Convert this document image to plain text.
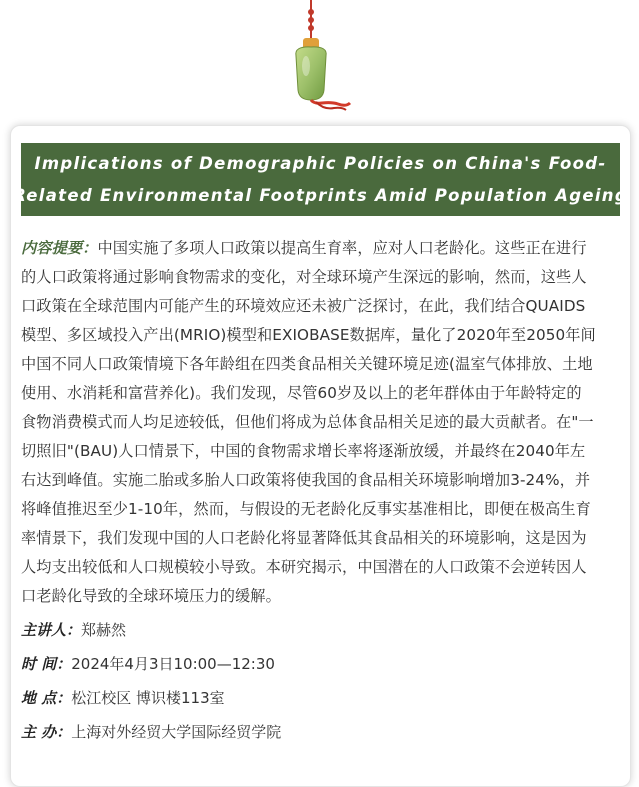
Implications of Demographic Policies on China's Food-
Related Environmental Footprints Amid Population Ageing
内容提要：中国实施了多项人口政策以提高生育率，应对人口老龄化。这些正在进行
的人口政策将通过影响食物需求的变化，对全球环境产生深远的影响，然而，这些人
口政策在全球范围内可能产生的环境效应还未被广泛探讨，在此，我们结合QUAIDS
模型、多区域投入产出(MRIO)模型和EXIOBASE数据库，量化了2020年至2050年间
中国不同人口政策情境下各年龄组在四类食品相关关键环境足迹(温室气体排放、土地
使用、水消耗和富营养化)。我们发现，尽管60岁及以上的老年群体由于年龄特定的
食物消费模式而人均足迹较低，但他们将成为总体食品相关足迹的最大贡献者。在"一
切照旧"(BAU)人口情景下，中国的食物需求增长率将逐渐放缓，并最终在2040年左
右达到峰值。实施二胎或多胎人口政策将使我国的食品相关环境影响增加3-24%，并
将峰值推迟至少1-10年，然而，与假设的无老龄化反事实基准相比，即便在极高生育
率情景下，我们发现中国的人口老龄化将显著降低其食品相关的环境影响，这是因为
人均支出较低和人口规模较小导致。本研究揭示，中国潜在的人口政策不会逆转因人
口老龄化导致的全球环境压力的缓解。
主讲人：郑赫然
时 间：2024年4月3日10:00—12:30
地 点：松江校区 博识楼113室
主 办：上海对外经贸大学国际经贸学院
